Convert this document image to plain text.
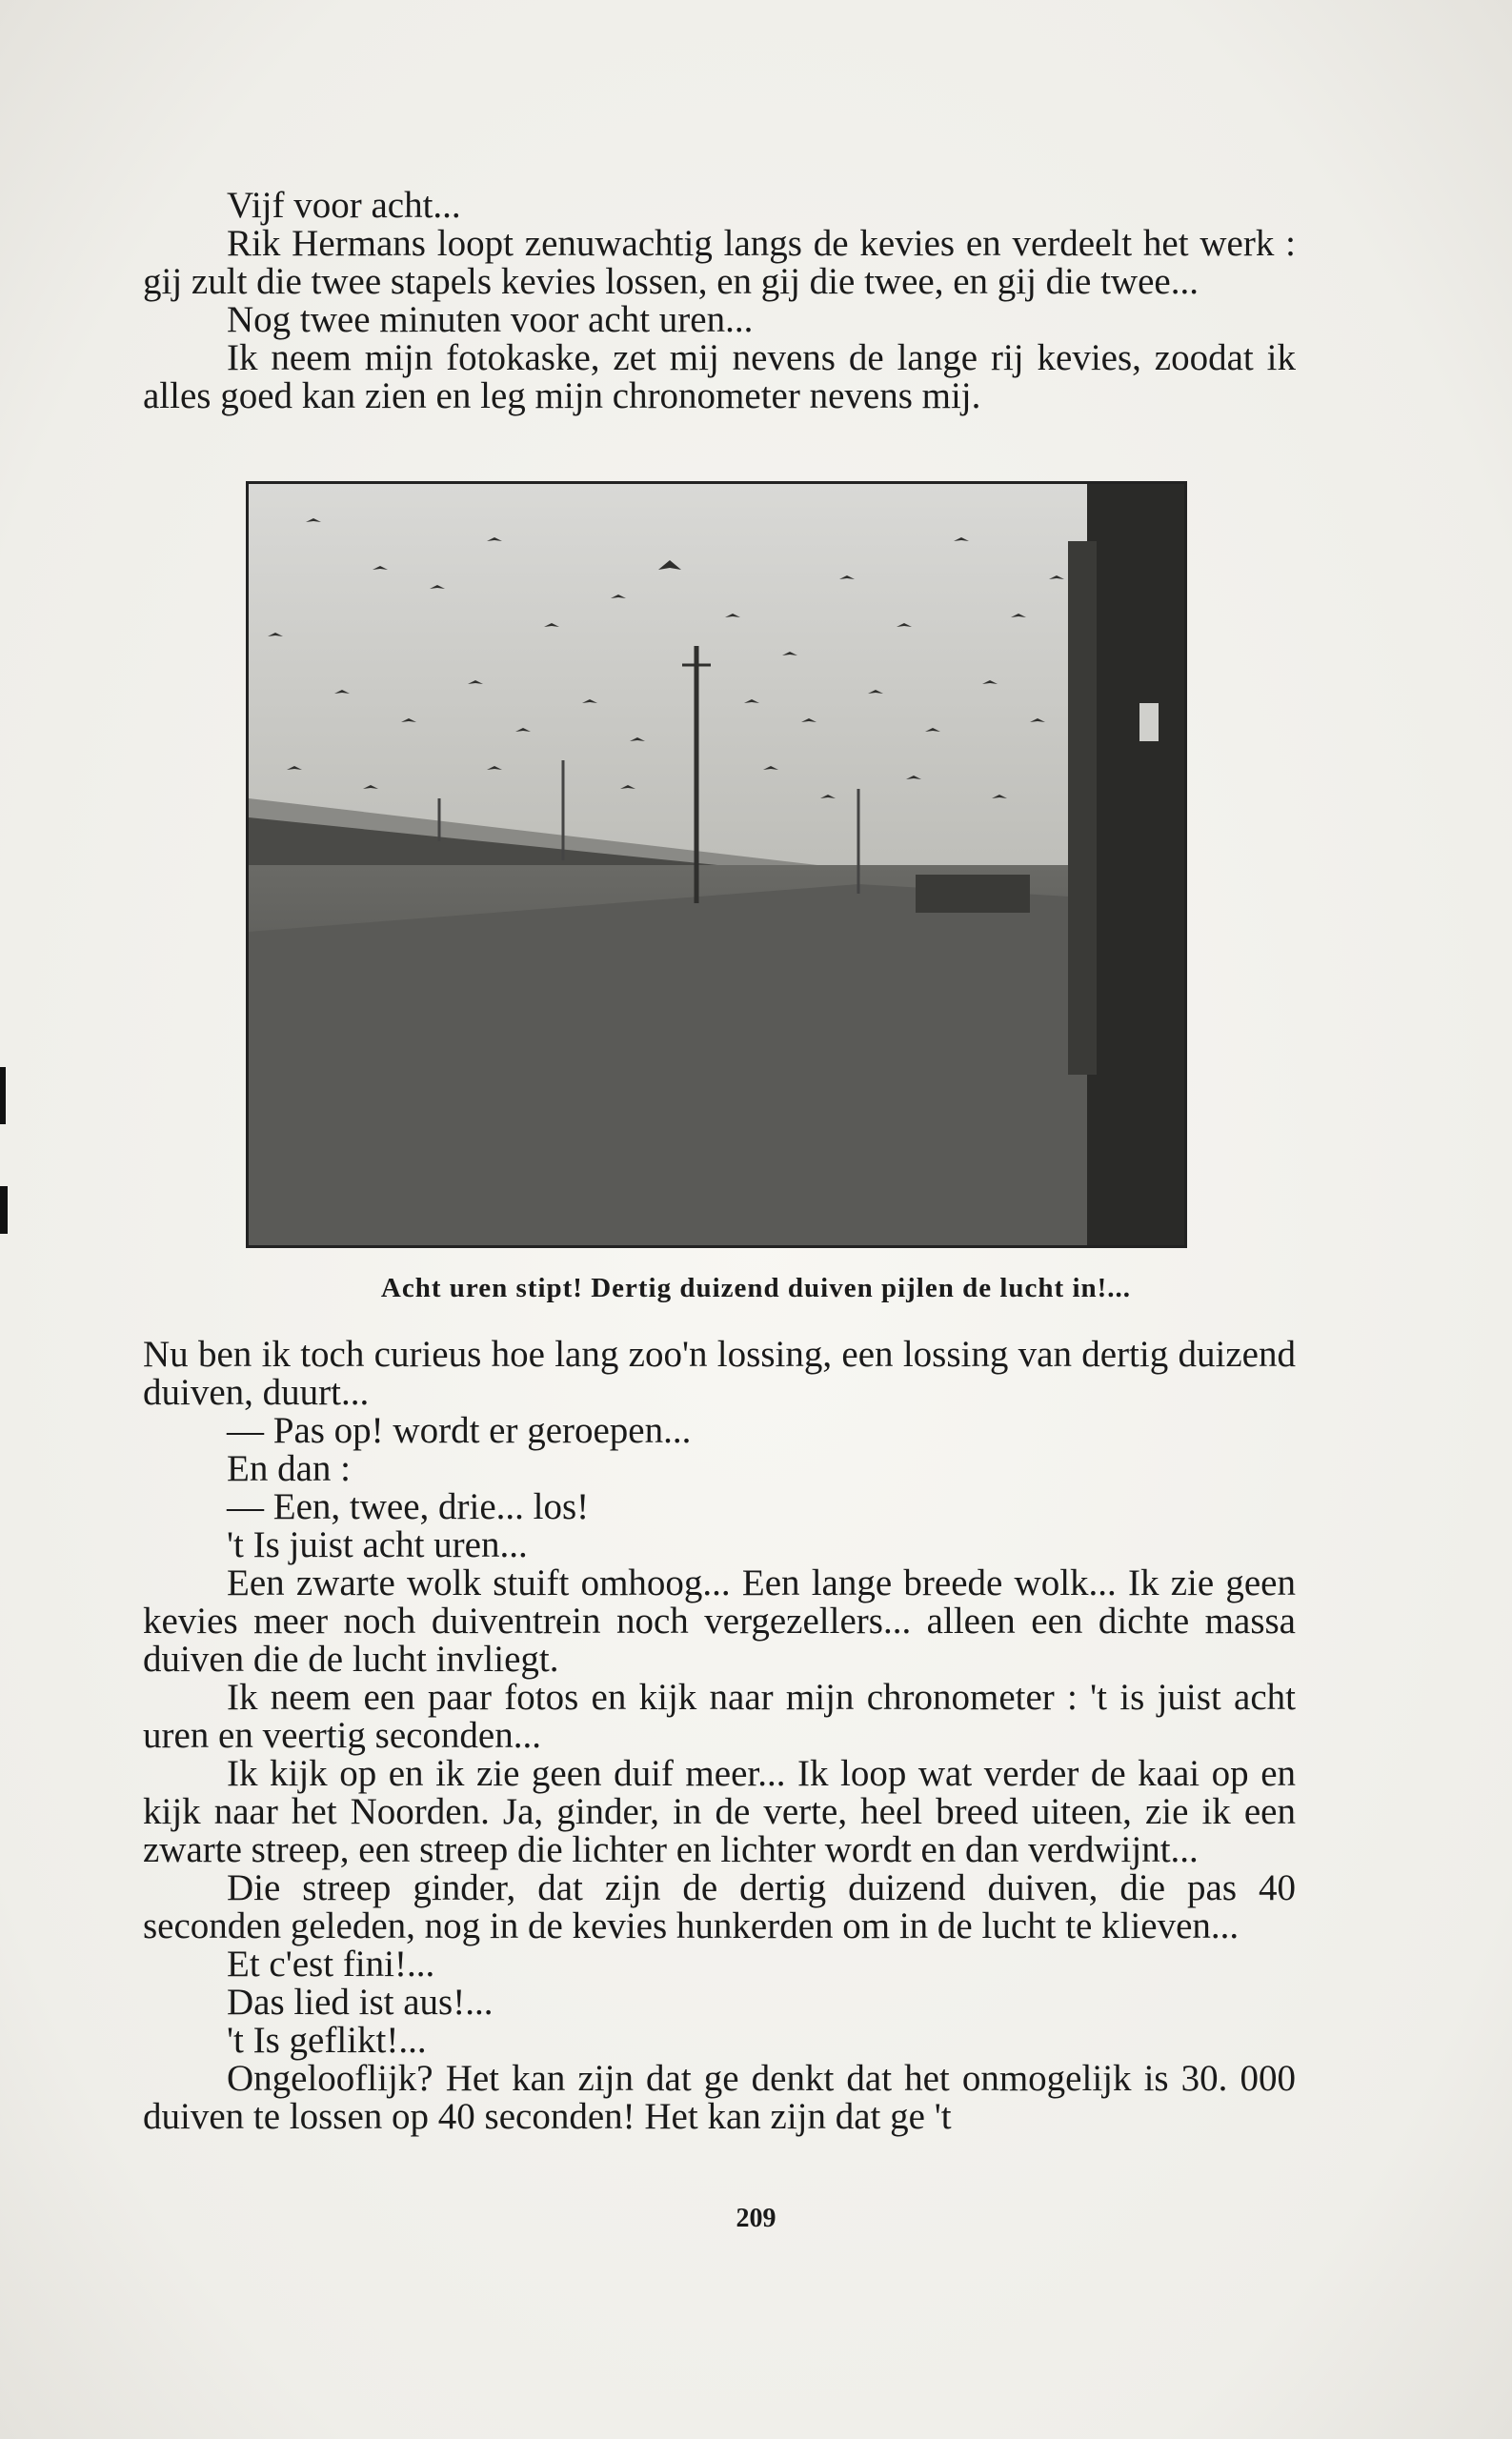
Vijf voor acht...

Rik Hermans loopt zenuwachtig langs de kevies en verdeelt het werk : gij zult die twee stapels kevies lossen, en gij die twee, en gij die twee...

Nog twee minuten voor acht uren...

Ik neem mijn fotokaske, zet mij nevens de lange rij kevies, zoodat ik alles goed kan zien en leg mijn chronometer nevens mij.

Acht uren stipt! Dertig duizend duiven pijlen de lucht in!...

Nu ben ik toch curieus hoe lang zoo'n lossing, een lossing van dertig duizend duiven, duurt...

— Pas op! wordt er geroepen...

En dan :

— Een, twee, drie... los!

't Is juist acht uren...

Een zwarte wolk stuift omhoog... Een lange breede wolk... Ik zie geen kevies meer noch duiventrein noch vergezellers... alleen een dichte massa duiven die de lucht invliegt.

Ik neem een paar fotos en kijk naar mijn chronometer : 't is juist acht uren en veertig seconden...

Ik kijk op en ik zie geen duif meer... Ik loop wat verder de kaai op en kijk naar het Noorden. Ja, ginder, in de verte, heel breed uiteen, zie ik een zwarte streep, een streep die lichter en lichter wordt en dan verdwijnt...

Die streep ginder, dat zijn de dertig duizend duiven, die pas 40 seconden geleden, nog in de kevies hunkerden om in de lucht te klieven...

Et c'est fini!...

Das lied ist aus!...

't Is geflikt!...

Ongelooflijk? Het kan zijn dat ge denkt dat het onmogelijk is 30. 000 duiven te lossen op 40 seconden! Het kan zijn dat ge 't

209
